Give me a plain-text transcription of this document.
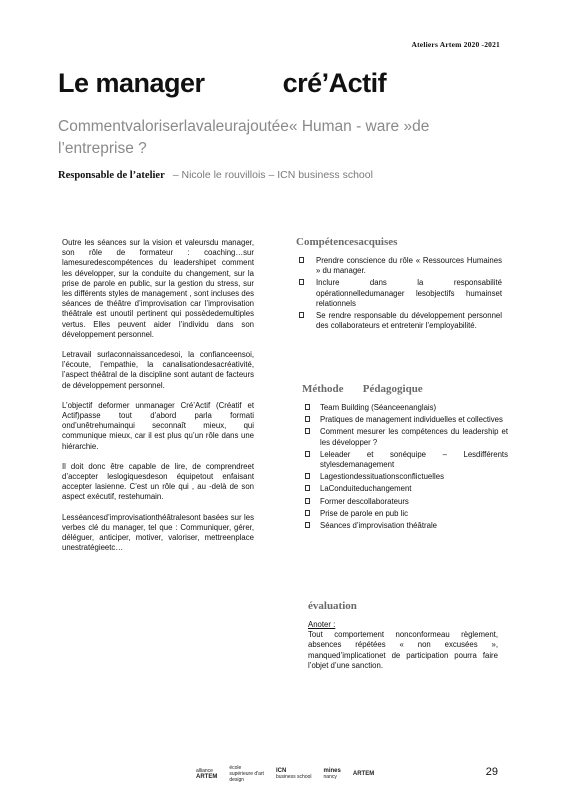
Ateliers Artem 2020 -2021
Le manager	cré’Actif
Commentvaloriserlavaleurajoutée« Human - ware »de
l’entreprise ?
Responsable de l’atelier – Nicole le rouvillois – ICN business school

Outre les séances sur la vision et valeursdu manager, son rôle de formateur : coaching…sur lamesuredescompétences du leadershipet comment les développer, sur la conduite du changement, sur la prise de parole en public, sur la gestion du stress, sur les différents styles de management , sont incluses des séances de théâtre d’improvisation car l’improvisation théâtrale est unoutil pertinent qui possèdedemultiples vertus. Elles peuvent aider l’individu dans son développement personnel.

Letravail surlaconnaissancedesoi, la confianceensoi, l’écoute, l’empathie, la canalisationdesacréativité, l’aspect théâtral de la discipline sont autant de facteurs de développement personnel.

L’objectif deformer unmanager Cré’Actif (Créatif et Actif)passe tout d’abord parla formati ond’unêtrehumainqui seconnaît mieux, qui communique mieux, car il est plus qu’un rôle dans une hiérarchie.

Il doit donc être capable de lire, de comprendreet d’accepter leslogiquesdeson équipetout enfaisant accepter lasienne. C’est un rôle qui , au -delà de son aspect exécutif, restehumain.

Lesséancesd’improvisationthéâtralesont basées sur les verbes clé du manager, tel que : Communiquer, gérer, déléguer, anticiper, motiver, valoriser, mettreenplace unestratégieetc…

Compétencesacquises
Prendre conscience du rôle « Ressources Humaines » du manager.
Inclure dans la responsabilité opérationnelledumanager lesobjectifs humainset relationnels
Se rendre responsable du développement personnel des collaborateurs et entretenir l’employabilité.
Méthode       Pédagogique
Team Building (Séanceenanglais)
Pratiques de management individuelles et collectives
Comment mesurer les compétences du leadership et les développer ?
Leleader et sonéquipe – Lesdifférents stylesdemanagement
Lagestiondessituationsconflictuelles
LaConduiteduchangement
Former descollaborateurs
Prise de parole en pub lic
Séances d’improvisation théâtrale
évaluation

Anoter :

Tout comportement nonconformeau règlement, absences répétées « non excusées », manqued’implicationet de participation pourra faire l’objet d’une sanction.

alliance
ARTEM
école
supérieure d'art
design
ICN
business school
mines
nancy	ARTEM	29
